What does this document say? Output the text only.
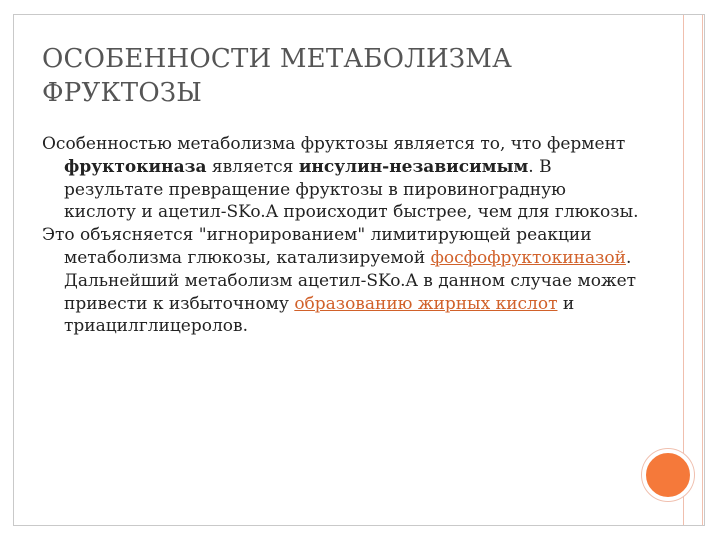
ОСОБЕННОСТИ МЕТАБОЛИЗМА
ФРУКТОЗЫ

Особенностью метаболизма фруктозы является то, что фермент фруктокиназа является инсулин-независимым. В результате превращение фруктозы в пировиноградную кислоту и ацетил-SKo.A происходит быстрее, чем для глюкозы.

Это объясняется "игнорированием" лимитирующей реакции метаболизма глюкозы, катализируемой фосфофруктокиназой. Дальнейший метаболизм ацетил-SKo.A в данном случае может привести к избыточному образованию жирных кислот и триацилглицеролов.
